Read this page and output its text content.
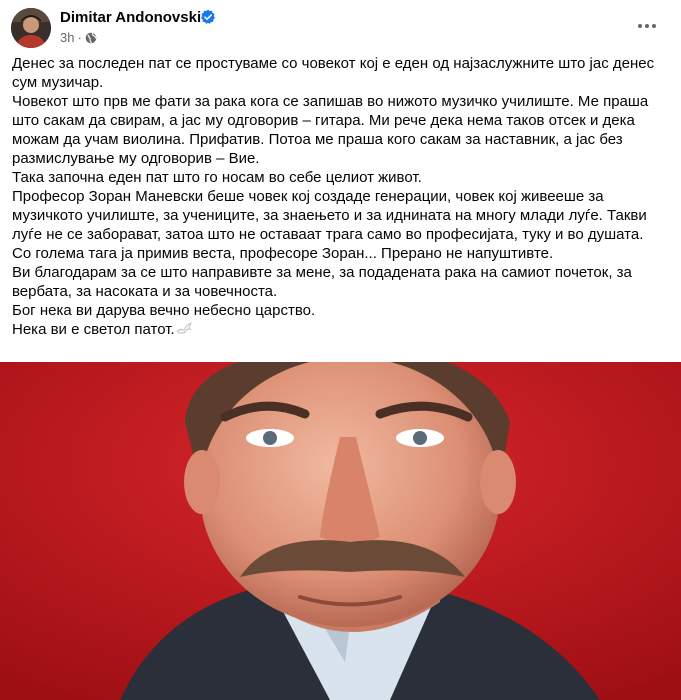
Dimitar Andonovski
3h ·

Денес за последен пат се простуваме со човекот кој е еден од најзаслужните што јас денес сум музичар.

Човекот што прв ме фати за рака кога се запишав во нижото музичко училиште. Ме праша што сакам да свирам, а јас му одговорив – гитара. Ми рече дека нема таков отсек и дека можам да учам виолина. Прифатив. Потоа ме праша кого сакам за наставник, а јас без размислување му одговорив – Вие.

Така започна еден пат што го носам во себе целиот живот.

Професор Зоран Маневски беше човек кој создаде генерации, човек кој живееше за музичкото училиште, за учениците, за знаењето и за иднината на многу млади луѓе. Такви луѓе не се заборават, затоа што не оставаат трага само во професијата, туку и во душата.

Со голема тага ја примив веста, професоре Зоран... Прерано не напуштивте.

Ви благодарам за се што направивте за мене, за подадената рака на самиот почеток, за вербата, за насоката и за човечноста.

Бог нека ви дарува вечно небесно царство.

Нека ви е светол патот.
